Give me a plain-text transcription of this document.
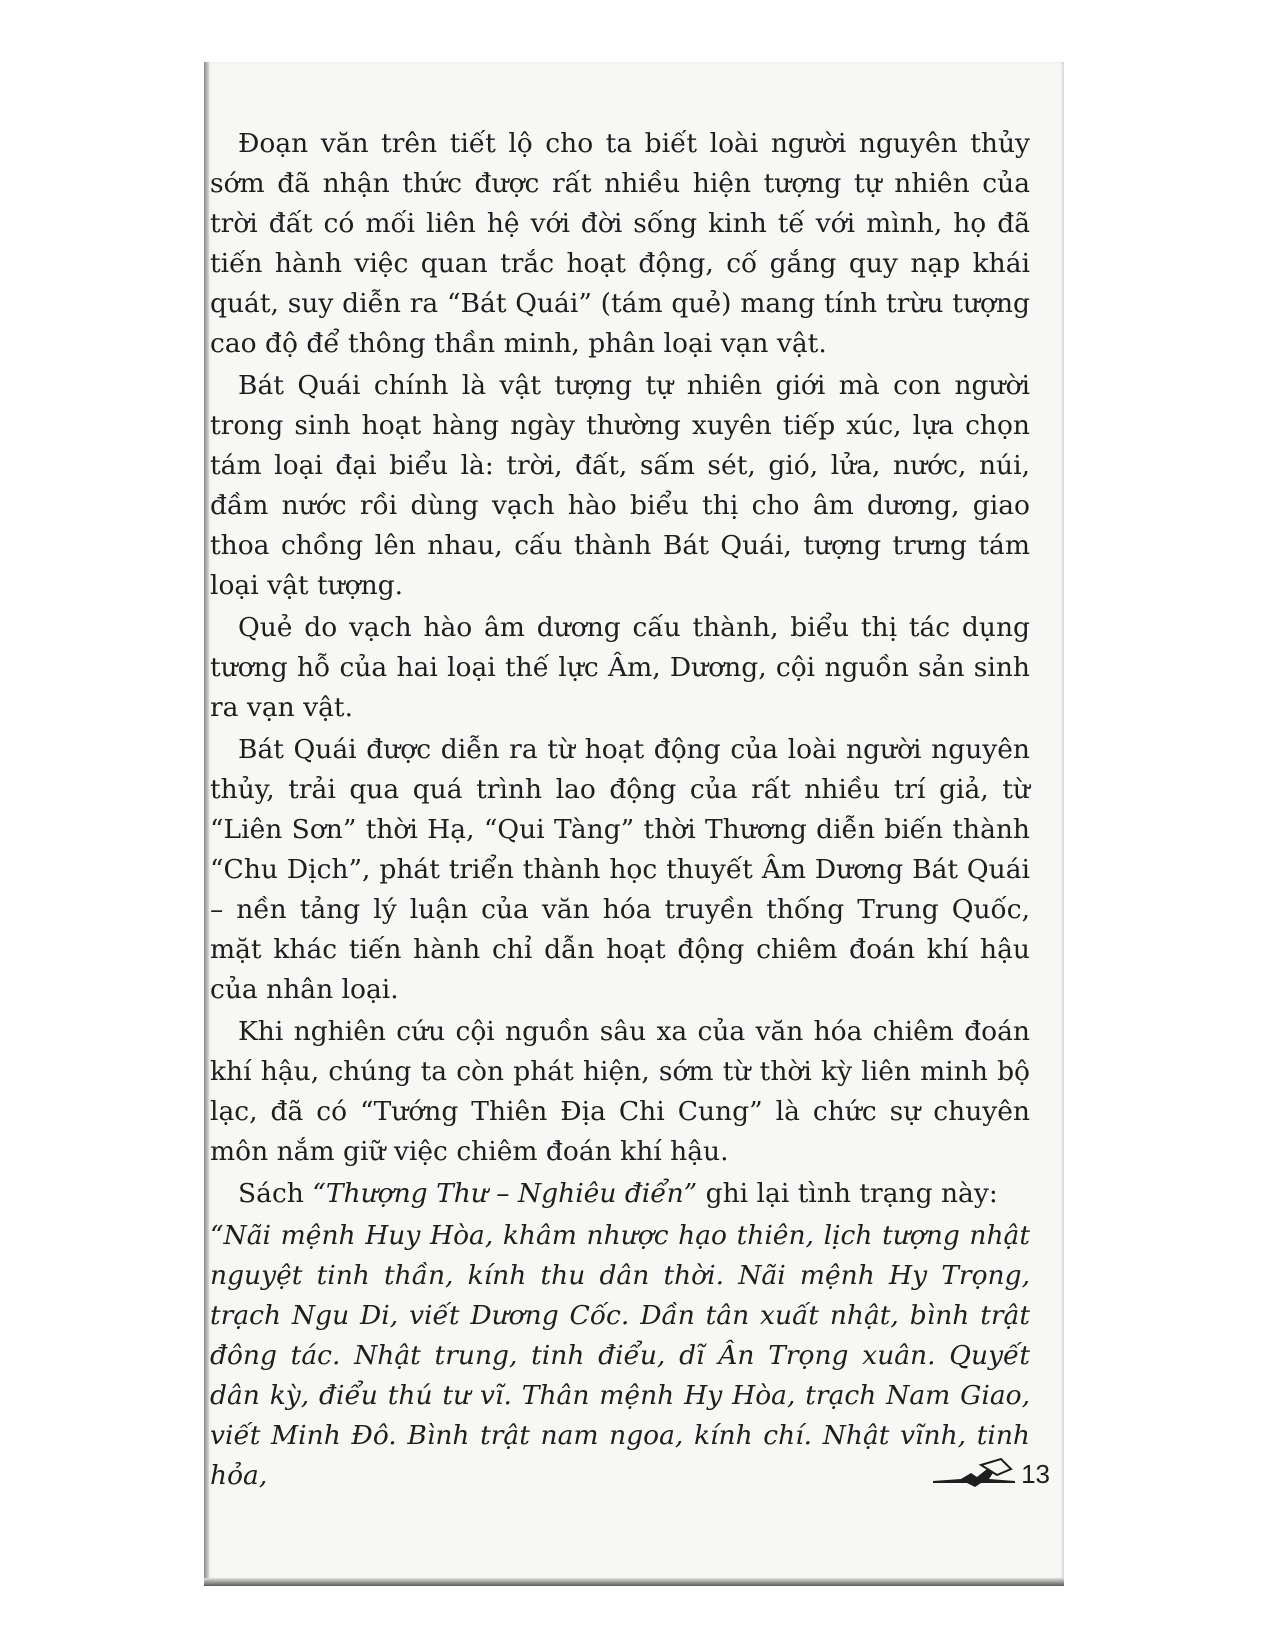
Đoạn văn trên tiết lộ cho ta biết loài người nguyên thủy sớm đã nhận thức được rất nhiều hiện tượng tự nhiên của trời đất có mối liên hệ với đời sống kinh tế với mình, họ đã tiến hành việc quan trắc hoạt động, cố gắng quy nạp khái quát, suy diễn ra “Bát Quái” (tám quẻ) mang tính trừu tượng cao độ để thông thần minh, phân loại vạn vật.

Bát Quái chính là vật tượng tự nhiên giới mà con người trong sinh hoạt hàng ngày thường xuyên tiếp xúc, lựa chọn tám loại đại biểu là: trời, đất, sấm sét, gió, lửa, nước, núi, đầm nước rồi dùng vạch hào biểu thị cho âm dương, giao thoa chồng lên nhau, cấu thành Bát Quái, tượng trưng tám loại vật tượng.

Quẻ do vạch hào âm dương cấu thành, biểu thị tác dụng tương hỗ của hai loại thế lực Âm, Dương, cội nguồn sản sinh ra vạn vật.

Bát Quái được diễn ra từ hoạt động của loài người nguyên thủy, trải qua quá trình lao động của rất nhiều trí giả, từ “Liên Sơn” thời Hạ, “Qui Tàng” thời Thương diễn biến thành “Chu Dịch”, phát triển thành học thuyết Âm Dương Bát Quái – nền tảng lý luận của văn hóa truyền thống Trung Quốc, mặt khác tiến hành chỉ dẫn hoạt động chiêm đoán khí hậu của nhân loại.

Khi nghiên cứu cội nguồn sâu xa của văn hóa chiêm đoán khí hậu, chúng ta còn phát hiện, sớm từ thời kỳ liên minh bộ lạc, đã có “Tướng Thiên Địa Chi Cung” là chức sự chuyên môn nắm giữ việc chiêm đoán khí hậu.

Sách “Thượng Thư – Nghiêu điển” ghi lại tình trạng này:

“Nãi mệnh Huy Hòa, khâm nhược hạo thiên, lịch tượng nhật nguyệt tinh thần, kính thu dân thời. Nãi mệnh Hy Trọng, trạch Ngu Di, viết Dương Cốc. Dần tân xuất nhật, bình trật đông tác. Nhật trung, tinh điểu, dĩ Ân Trọng xuân. Quyết dân kỳ, điểu thú tư vĩ. Thân mệnh Hy Hòa, trạch Nam Giao, viết Minh Đô. Bình trật nam ngoa, kính chí. Nhật vĩnh, tinh hỏa,	13
